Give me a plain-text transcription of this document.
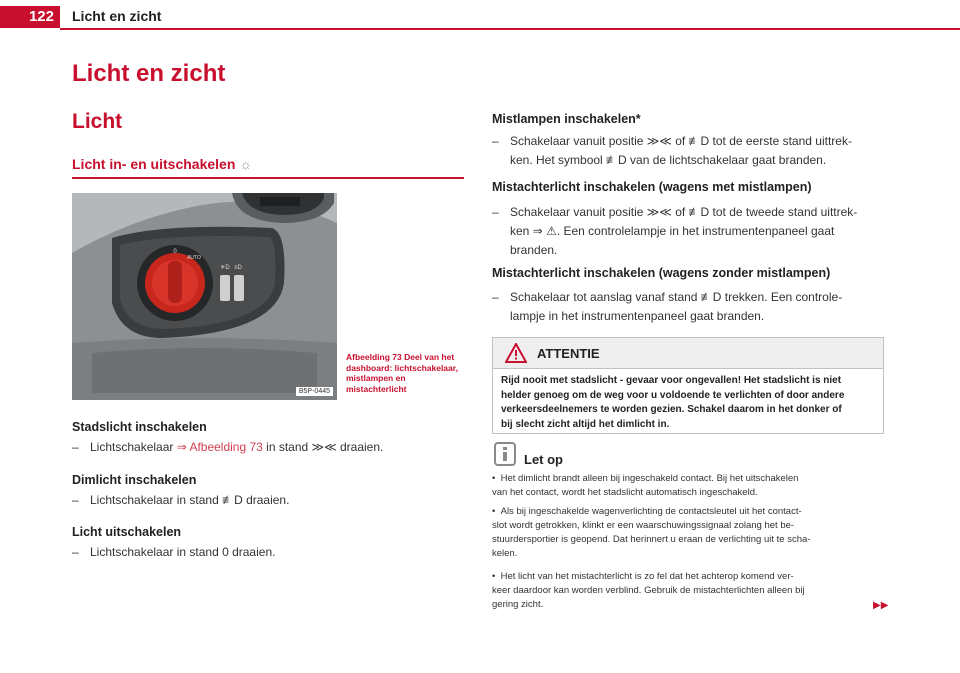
122	Licht en zicht
Licht en zicht
Licht
Licht in- en uitschakelen ☼
0
AUTO
☀D ≡D
B5P-0445
Afbeelding 73 Deel van het dashboard: lichtschakelaar, mistlampen en mistachterlicht
Stadslicht inschakelen
– Lichtschakelaar ⇒ Afbeelding 73 in stand ≫≪ draaien.
Dimlicht inschakelen
– Lichtschakelaar in stand ≢D draaien.
Licht uitschakelen
– Lichtschakelaar in stand 0 draaien.
Mistlampen inschakelen*
– Schakelaar vanuit positie ≫≪ of ≢D tot de eerste stand uittrek-
ken. Het symbool ≢D van de lichtschakelaar gaat branden.
Mistachterlicht inschakelen (wagens met mistlampen)
– Schakelaar vanuit positie ≫≪ of ≢D tot de tweede stand uittrek-
ken ⇒ ⚠. Een controlelampje in het instrumentenpaneel gaat
branden.
Mistachterlicht inschakelen (wagens zonder mistlampen)
– Schakelaar tot aanslag vanaf stand ≢D trekken. Een controle-
lampje in het instrumentenpaneel gaat branden.
ATTENTIE
Rijd nooit met stadslicht - gevaar voor ongevallen! Het stadslicht is niet
helder genoeg om de weg voor u voldoende te verlichten of door andere
verkeersdeelnemers te worden gezien. Schakel daarom in het donker of
bij slecht zicht altijd het dimlicht in.
Let op
•  Het dimlicht brandt alleen bij ingeschakeld contact. Bij het uitschakelen
van het contact, wordt het stadslicht automatisch ingeschakeld.
•  Als bij ingeschakelde wagenverlichting de contactsleutel uit het contact-
slot wordt getrokken, klinkt er een waarschuwingssignaal zolang het be-
stuurdersportier is geopend. Dat herinnert u eraan de verlichting uit te scha-
kelen.
•  Het licht van het mistachterlicht is zo fel dat het achterop komend ver-
keer daardoor kan worden verblind. Gebruik de mistachterlichten alleen bij
gering zicht.	▶▶
